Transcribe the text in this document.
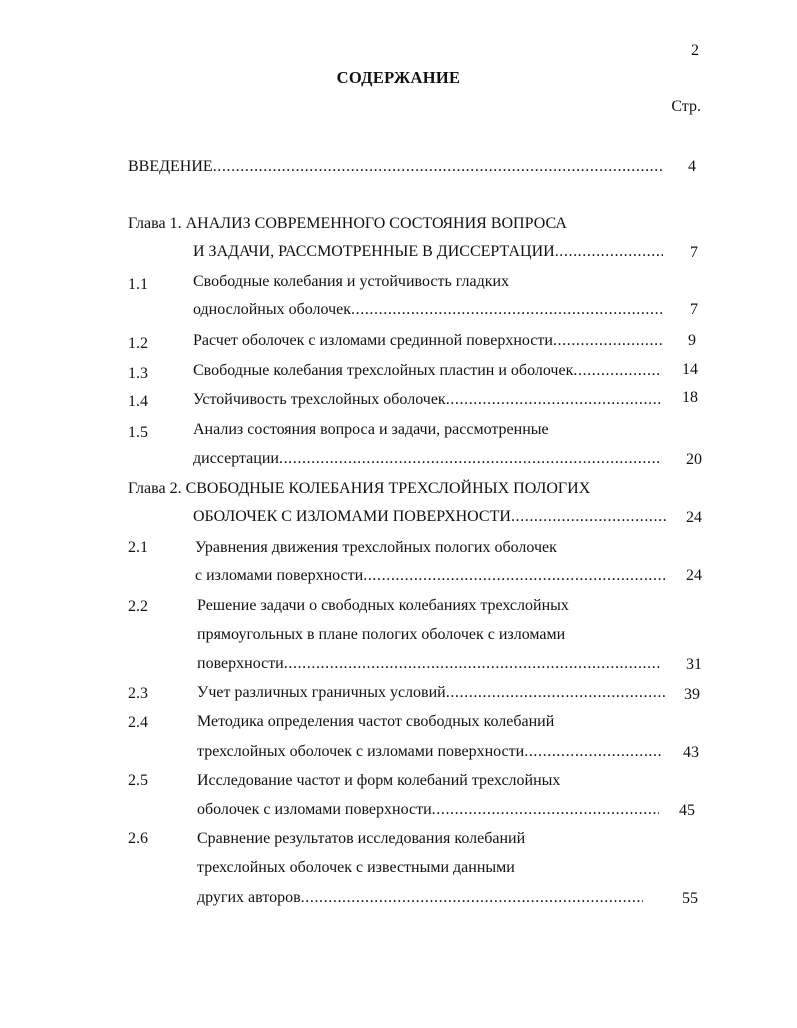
2
СОДЕРЖАНИЕ
Стр.
ВВЕДЕНИЕ .....	4
Глава 1. АНАЛИЗ СОВРЕМЕННОГО СОСТОЯНИЯ ВОПРОСА
И ЗАДАЧИ, РАССМОТРЕННЫЕ В ДИССЕРТАЦИИ .....	7
1.1	Свободные колебания и устойчивость гладких
однослойных оболочек .....	7
1.2	Расчет оболочек с изломами срединной поверхности .....	9
1.3	Свободные колебания трехслойных пластин и оболочек .....	14
1.4	Устойчивость трехслойных оболочек .....	18
1.5	Анализ состояния вопроса и задачи, рассмотренные
диссертации .....	20
Глава 2. СВОБОДНЫЕ КОЛЕБАНИЯ ТРЕХСЛОЙНЫХ ПОЛОГИХ
ОБОЛОЧЕК С ИЗЛОМАМИ ПОВЕРХНОСТИ .....	24
2.1	Уравнения движения трехслойных пологих оболочек
с изломами поверхности .....	24
2.2	Решение задачи о свободных колебаниях трехслойных
прямоугольных в плане пологих оболочек с изломами
поверхности .....	31
2.3	Учет различных граничных условий .....	39
2.4	Методика определения частот свободных колебаний
трехслойных оболочек с изломами поверхности .....	43
2.5	Исследование частот и форм колебаний трехслойных
оболочек с изломами поверхности .....	45
2.6	Сравнение результатов исследования колебаний
трехслойных оболочек с известными данными
других авторов .....	55
